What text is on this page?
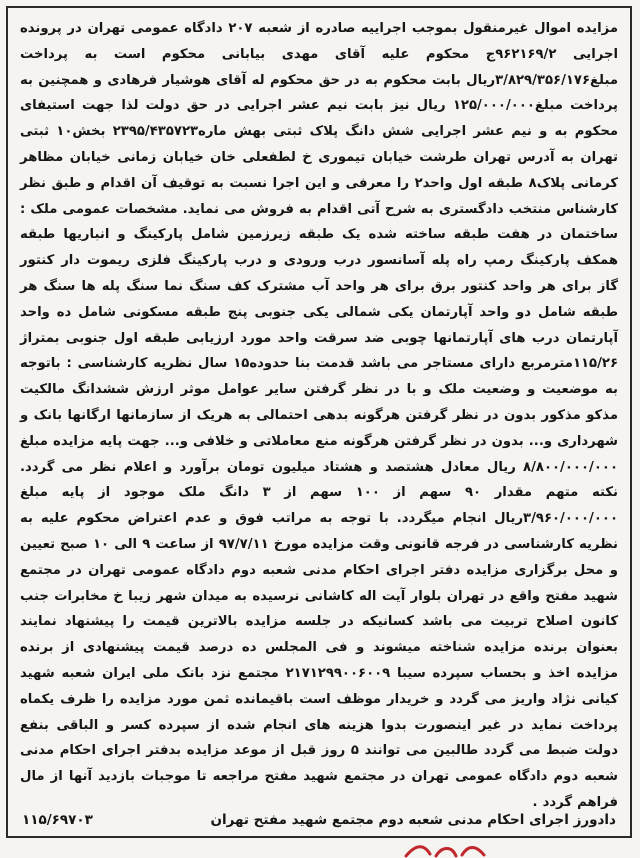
مزایده اموال غیرمنقول بموجب اجراییه صادره از شعبه ۲۰۷ دادگاه عمومی تهران در پرونده اجرایی ۹۶۲۱۶۹/۲ج محکوم علیه آقای مهدی بیابانی محکوم است به پرداخت مبلغ۳/۸۲۹/۳۵۶/۱۷۶ریال بابت محکوم به در حق محکوم له آقای هوشیار فرهادی و همچنین به پرداخت مبلغ۱۲۵/۰۰۰/۰۰۰ ریال نیز بابت نیم عشر اجرایی در حق دولت لذا جهت استیفای محکوم به و نیم عشر اجرایی شش دانگ پلاک ثبتی بهش ماره۲۳۹۵/۴۳۵۷۲۳ بخش۱۰ ثبتی تهران به آدرس تهران طرشت خیابان تیموری خ لطفعلی خان خیابان زمانی خیابان مظاهر کرمانی پلاک۸ طبقه اول واحد۲ را معرفی و این اجرا نسبت به توقیف آن اقدام و طبق نظر کارشناس منتخب دادگستری به شرح آتی اقدام به فروش می نماید. مشخصات عمومی ملک : ساختمان در هفت طبقه ساخته شده یک طبقه زیرزمین شامل پارکینگ و انباریها طبقه همکف پارکینگ رمپ راه پله آسانسور درب ورودی و درب پارکینگ فلزی ریموت دار کنتور گاز برای هر واحد کنتور برق برای هر واحد آب مشترک کف سنگ نما سنگ پله ها سنگ هر طبقه شامل دو واحد آپارتمان یکی شمالی یکی جنوبی پنج طبقه مسکونی شامل ده واحد آپارتمان درب های آپارتمانها چوبی ضد سرقت واحد مورد ارزیابی طبقه اول جنوبی بمتراژ ۱۱۵/۲۶مترمربع دارای مستاجر می باشد قدمت بنا حدوده۱۵ سال نظریه کارشناسی : باتوجه به موضعیت و وضعیت ملک و با در نظر گرفتن سایر عوامل موثر ارزش ششدانگ مالکیت مذکو مذکور بدون در نظر گرفتن هرگونه بدهی احتمالی به هریک از سازمانها ارگانها بانک و شهرداری و... بدون در نظر گرفتن هرگونه منع معاملاتی و خلافی و... جهت پایه مزایده مبلغ ۸/۸۰۰/۰۰۰/۰۰۰ ریال معادل هشتصد و هشتاد میلیون تومان برآورد و اعلام نظر می گردد. نکته متهم مقدار ۹۰ سهم از ۱۰۰ سهم از ۳ دانگ ملک موجود از پایه مبلغ ۳/۹۶۰/۰۰۰/۰۰۰ریال انجام میگردد. با توجه به مراتب فوق و عدم اعتراض محکوم علیه به نظریه کارشناسی در فرجه قانونی وقت مزایده مورخ ۹۷/۷/۱۱ از ساعت ۹ الی ۱۰ صبح تعیین و محل برگزاری مزایده دفتر اجرای احکام مدنی شعبه دوم دادگاه عمومی تهران در مجتمع شهید مفتح واقع در تهران بلوار آیت اله کاشانی نرسیده به میدان شهر زیبا خ مخابرات جنب کانون اصلاح تربیت می باشد کسانیکه در جلسه مزایده بالاترین قیمت را پیشنهاد نمایند بعنوان برنده مزایده شناخته میشوند و فی المجلس ده درصد قیمت پیشنهادی از برنده مزایده اخذ و بحساب سپرده سیبا ۲۱۷۱۲۹۹۰۰۶۰۰۹ مجتمع نزد بانک ملی ایران شعبه شهید کیانی نژاد واریز می گردد و خریدار موظف است باقیمانده ثمن مورد مزایده را ظرف یکماه پرداخت نماید در غیر اینصورت بدوا هزینه های انجام شده از سپرده کسر و الباقی بنفع دولت ضبط می گردد طالبین می توانند ۵ روز قبل از موعد مزایده بدفتر اجرای احکام مدنی شعبه دوم دادگاه عمومی تهران در مجتمع شهید مفتح مراجعه تا موجبات بازدید آنها از مال فراهم گردد .

دادورز اجرای احکام مدنی شعبه دوم مجتمع شهید مفتح تهران
۱۱۵/۶۹۷۰۳
